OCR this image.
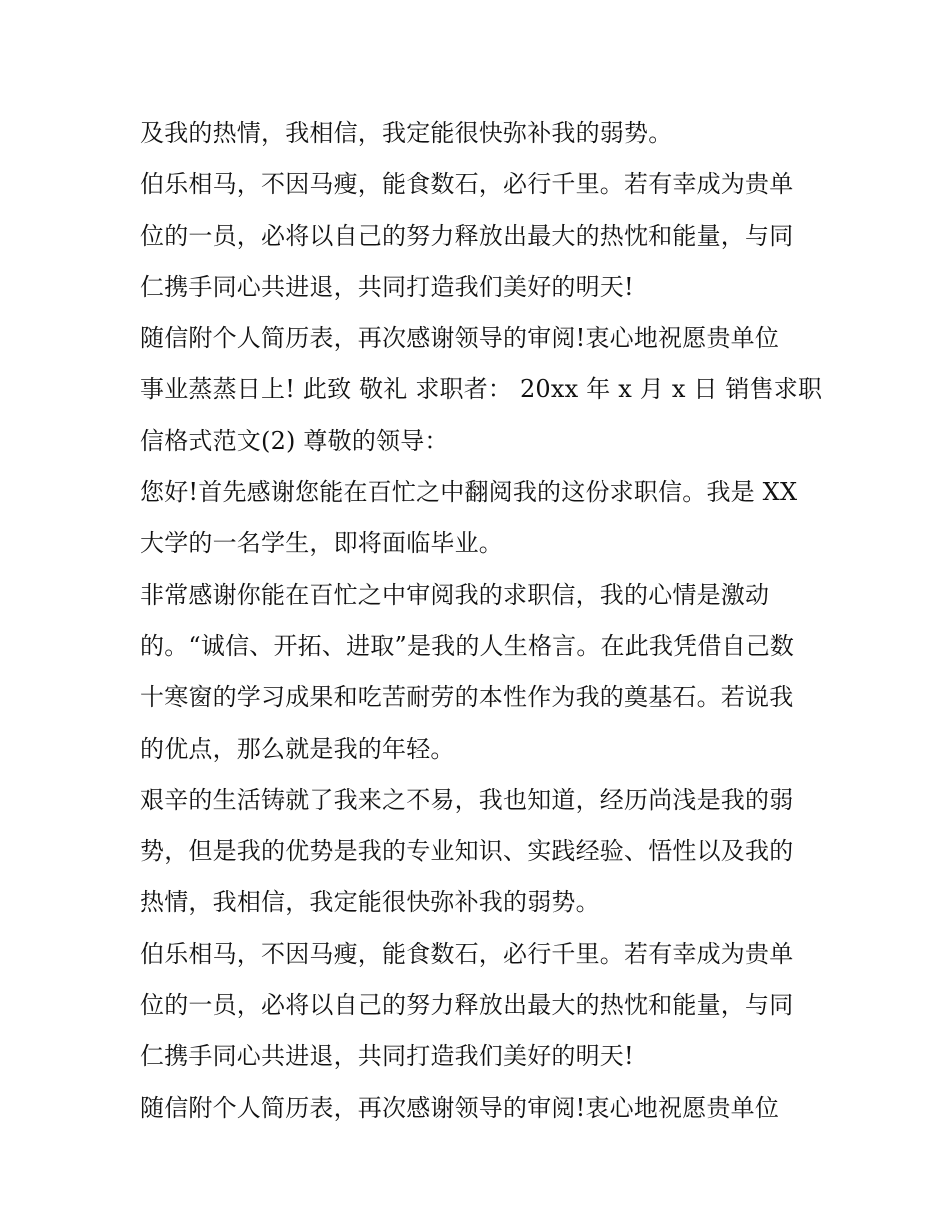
及我的热情，我相信，我定能很快弥补我的弱势。
伯乐相马，不因马瘦，能食数石，必行千里。若有幸成为贵单
位的一员，必将以自己的努力释放出最大的热忱和能量，与同
仁携手同心共进退，共同打造我们美好的明天!
随信附个人简历表，再次感谢领导的审阅!衷心地祝愿贵单位
事业蒸蒸日上! 此致 敬礼 求职者： 20xx 年 x 月 x 日 销售求职
信格式范文(2) 尊敬的领导：
您好!首先感谢您能在百忙之中翻阅我的这份求职信。我是 XX
大学的一名学生，即将面临毕业。
非常感谢你能在百忙之中审阅我的求职信，我的心情是激动
的。“诚信、开拓、进取”是我的人生格言。在此我凭借自己数
十寒窗的学习成果和吃苦耐劳的本性作为我的奠基石。若说我
的优点，那么就是我的年轻。
艰辛的生活铸就了我来之不易，我也知道，经历尚浅是我的弱
势，但是我的优势是我的专业知识、实践经验、悟性以及我的
热情，我相信，我定能很快弥补我的弱势。
伯乐相马，不因马瘦，能食数石，必行千里。若有幸成为贵单
位的一员，必将以自己的努力释放出最大的热忱和能量，与同
仁携手同心共进退，共同打造我们美好的明天!
随信附个人简历表，再次感谢领导的审阅!衷心地祝愿贵单位
